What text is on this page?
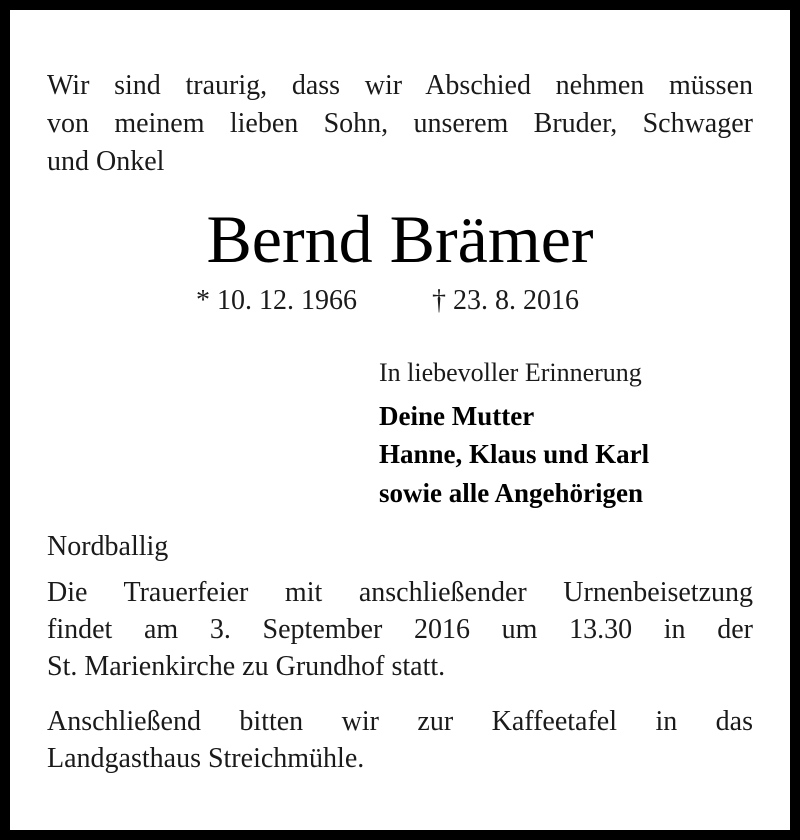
Wir sind traurig, dass wir Abschied nehmen müssen
von meinem lieben Sohn, unserem Bruder, Schwager
und Onkel
Bernd Brämer
* 10. 12. 1966	† 23. 8. 2016
In liebevoller Erinnerung
Deine Mutter
Hanne, Klaus und Karl
sowie alle Angehörigen
Nordballig
Die Trauerfeier mit anschließender Urnenbeisetzung
findet am 3. September 2016 um 13.30 in der
St. Marienkirche zu Grundhof statt.
Anschließend bitten wir zur Kaffeetafel in das
Landgasthaus Streichmühle.
